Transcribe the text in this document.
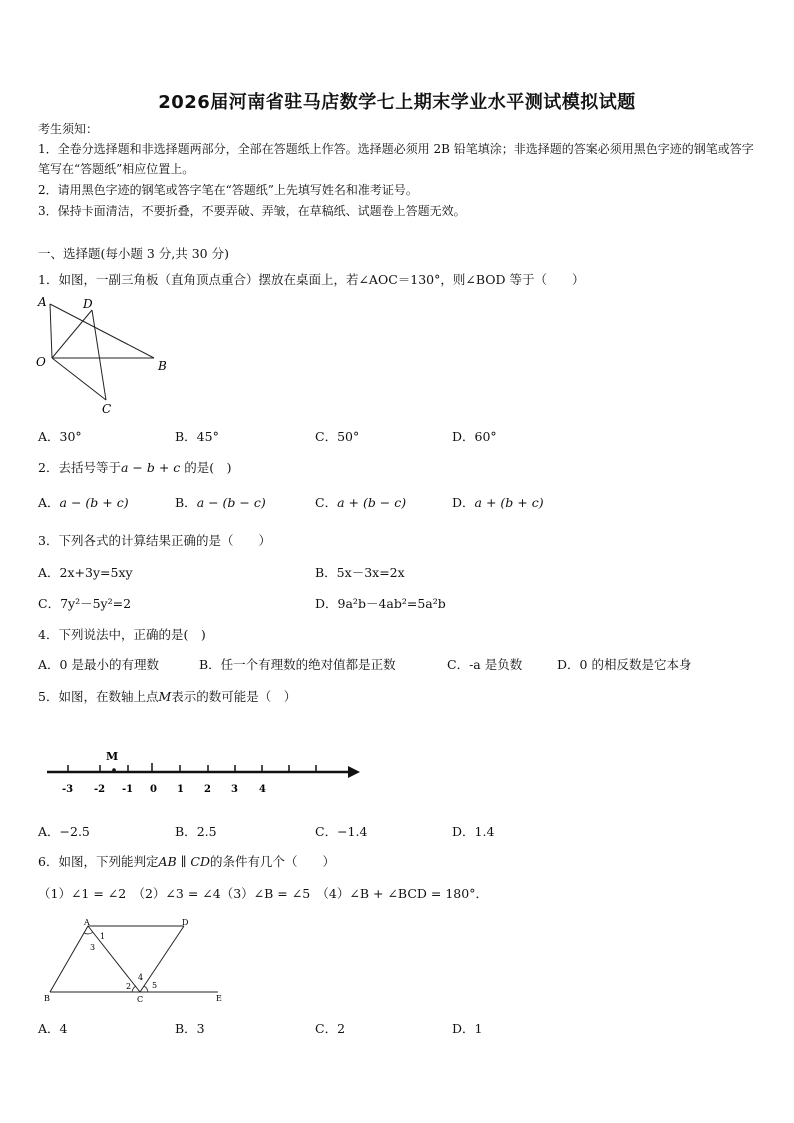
2026届河南省驻马店数学七上期末学业水平测试模拟试题
考生须知：
1．全卷分选择题和非选择题两部分，全部在答题纸上作答。选择题必须用 2B 铅笔填涂；非选择题的答案必须用黑色字迹的钢笔或答字笔写在“答题纸”相应位置上。
2．请用黑色字迹的钢笔或答字笔在“答题纸”上先填写姓名和准考证号。
3．保持卡面清洁，不要折叠，不要弄破、弄皱，在草稿纸、试题卷上答题无效。
一、选择题(每小题 3 分,共 30 分)
1．如图，一副三角板（直角顶点重合）摆放在桌面上，若∠AOC＝130°，则∠BOD 等于（　　）
A	D
O	B
C
A．30°	B．45°	C．50°	D．60°
2．去括号等于a − b + c 的是(　)
A．a − (b + c)	B．a − (b − c)	C．a + (b − c)	D．a + (b + c)
3．下列各式的计算结果正确的是（　　）
A．2x+3y=5xy	B．5x－3x=2x
C．7y²－5y²=2	D．9a²b－4ab²=5a²b
4．下列说法中，正确的是(　)
A．0 是最小的有理数	B．任一个有理数的绝对值都是正数	C．-a 是负数	D．0 的相反数是它本身
5．如图，在数轴上点M表示的数可能是（　）
M
-3 -2 -1 0 1 2 3 4
A．−2.5	B．2.5	C．−1.4	D．1.4
6．如图，下列能判定AB ∥ CD的条件有几个（　　）
（1）∠1 = ∠2　（2）∠3 = ∠4（3）∠B = ∠5　（4）∠B + ∠BCD = 180°．
A	D
B	C	E
1
3
2
4
5
A．4	B．3	C．2	D．1
